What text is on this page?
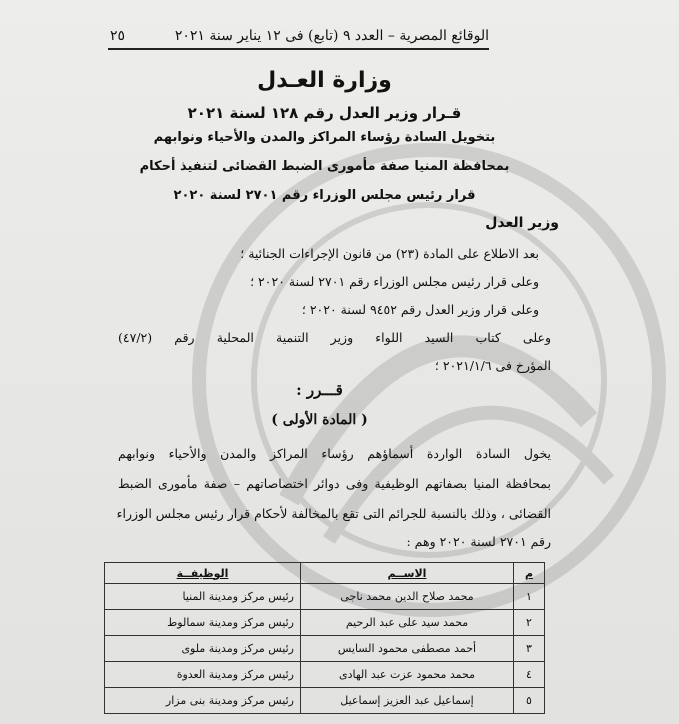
الوقائع المصرية – العدد ٩ (تابع) فى ١٢ يناير سنة ٢٠٢١
٢٥
وزارة العـدل
قـرار وزير العدل رقم ١٢٨ لسنة ٢٠٢١
بتخويل السادة رؤساء المراكز والمدن والأحياء ونوابهم
بمحافظة المنيا صفة مأمورى الضبط القضائى لتنفيذ أحكام
قرار رئيس مجلس الوزراء رقم ٢٧٠١ لسنة ٢٠٢٠
وزير العدل
بعد الاطلاع على المادة (٢٣) من قانون الإجراءات الجنائية ؛
وعلى قرار رئيس مجلس الوزراء رقم ٢٧٠١ لسنة ٢٠٢٠ ؛
وعلى قرار وزير العدل رقم ٩٤٥٢ لسنة ٢٠٢٠ ؛
وعلى كتاب السيد اللواء وزير التنمية المحلية رقم (٤٧/٢)
المؤرخ فى ٢٠٢١/١/٦ ؛
قـــرر :
( المادة الأولى )
يخول السادة الواردة أسماؤهم رؤساء المراكز والمدن والأحياء ونوابهم
بمحافظة المنيا بصفاتهم الوظيفية وفى دوائر اختصاصاتهم – صفة مأمورى الضبط
القضائى ، وذلك بالنسبة للجرائم التى تقع بالمخالفة لأحكام قرار رئيس مجلس الوزراء
رقم ٢٧٠١ لسنة ٢٠٢٠ وهم :
م	الاســم	الوظيفــة
١	محمد صلاح الدين محمد ناجى	رئيس مركز ومدينة المنيا
٢	محمد سيد على عبد الرحيم	رئيس مركز ومدينة سمالوط
٣	أحمد مصطفى محمود السايس	رئيس مركز ومدينة ملوى
٤	محمد محمود عزت عبد الهادى	رئيس مركز ومدينة العدوة
٥	إسماعيل عبد العزيز إسماعيل	رئيس مركز ومدينة بنى مزار
